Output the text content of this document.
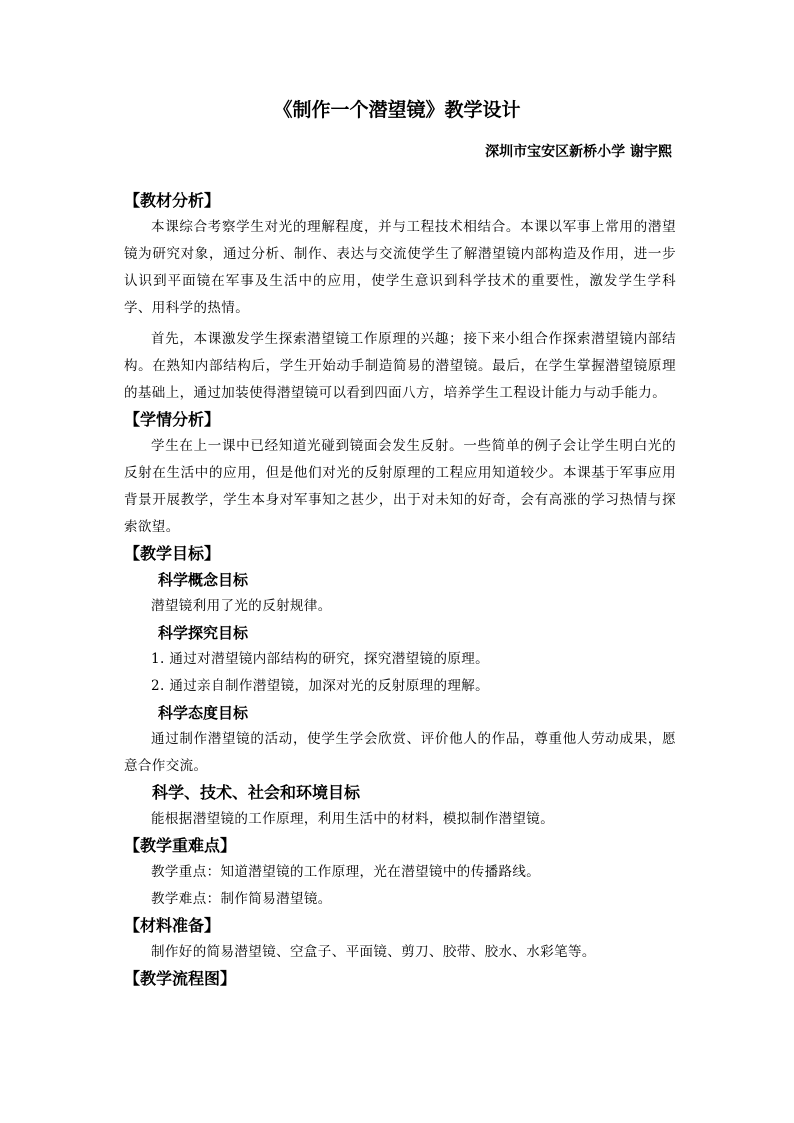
《制作一个潜望镜》教学设计
深圳市宝安区新桥小学 谢宇熙
【教材分析】

本课综合考察学生对光的理解程度，并与工程技术相结合。本课以军事上常用的潜望镜为研究对象，通过分析、制作、表达与交流使学生了解潜望镜内部构造及作用，进一步认识到平面镜在军事及生活中的应用，使学生意识到科学技术的重要性，激发学生学科学、用科学的热情。

首先，本课激发学生探索潜望镜工作原理的兴趣；接下来小组合作探索潜望镜内部结构。在熟知内部结构后，学生开始动手制造简易的潜望镜。最后，在学生掌握潜望镜原理的基础上，通过加装使得潜望镜可以看到四面八方，培养学生工程设计能力与动手能力。

【学情分析】

学生在上一课中已经知道光碰到镜面会发生反射。一些简单的例子会让学生明白光的反射在生活中的应用，但是他们对光的反射原理的工程应用知道较少。本课基于军事应用背景开展教学，学生本身对军事知之甚少，出于对未知的好奇，会有高涨的学习热情与探索欲望。

【教学目标】
科学概念目标

潜望镜利用了光的反射规律。

科学探究目标

1. 通过对潜望镜内部结构的研究，探究潜望镜的原理。

2. 通过亲自制作潜望镜，加深对光的反射原理的理解。

科学态度目标

通过制作潜望镜的活动，使学生学会欣赏、评价他人的作品，尊重他人劳动成果，愿意合作交流。

科学、技术、社会和环境目标

能根据潜望镜的工作原理，利用生活中的材料，模拟制作潜望镜。

【教学重难点】

教学重点：知道潜望镜的工作原理，光在潜望镜中的传播路线。

教学难点：制作简易潜望镜。

【材料准备】

制作好的简易潜望镜、空盒子、平面镜、剪刀、胶带、胶水、水彩笔等。

【教学流程图】
